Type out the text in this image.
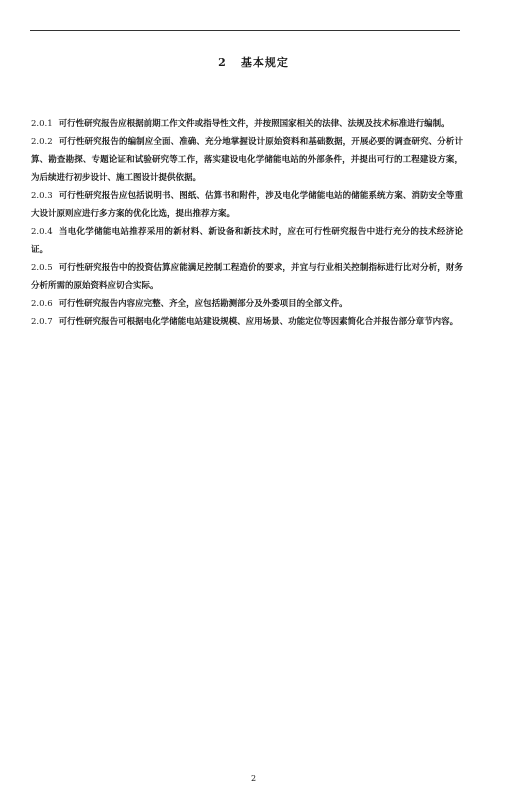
2 基本规定

2.0.1 可行性研究报告应根据前期工作文件或指导性文件，并按照国家相关的法律、法规及技术标准进行编制。

2.0.2 可行性研究报告的编制应全面、准确、充分地掌握设计原始资料和基础数据，开展必要的调查研究、分析计算、勘查勘探、专题论证和试验研究等工作，落实建设电化学储能电站的外部条件，并提出可行的工程建设方案，为后续进行初步设计、施工图设计提供依据。

2.0.3 可行性研究报告应包括说明书、图纸、估算书和附件，涉及电化学储能电站的储能系统方案、消防安全等重大设计原则应进行多方案的优化比选，提出推荐方案。

2.0.4 当电化学储能电站推荐采用的新材料、新设备和新技术时，应在可行性研究报告中进行充分的技术经济论证。

2.0.5 可行性研究报告中的投资估算应能满足控制工程造价的要求，并宜与行业相关控制指标进行比对分析，财务分析所需的原始资料应切合实际。

2.0.6 可行性研究报告内容应完整、齐全，应包括勘测部分及外委项目的全部文件。

2.0.7 可行性研究报告可根据电化学储能电站建设规模、应用场景、功能定位等因素简化合并报告部分章节内容。

2
